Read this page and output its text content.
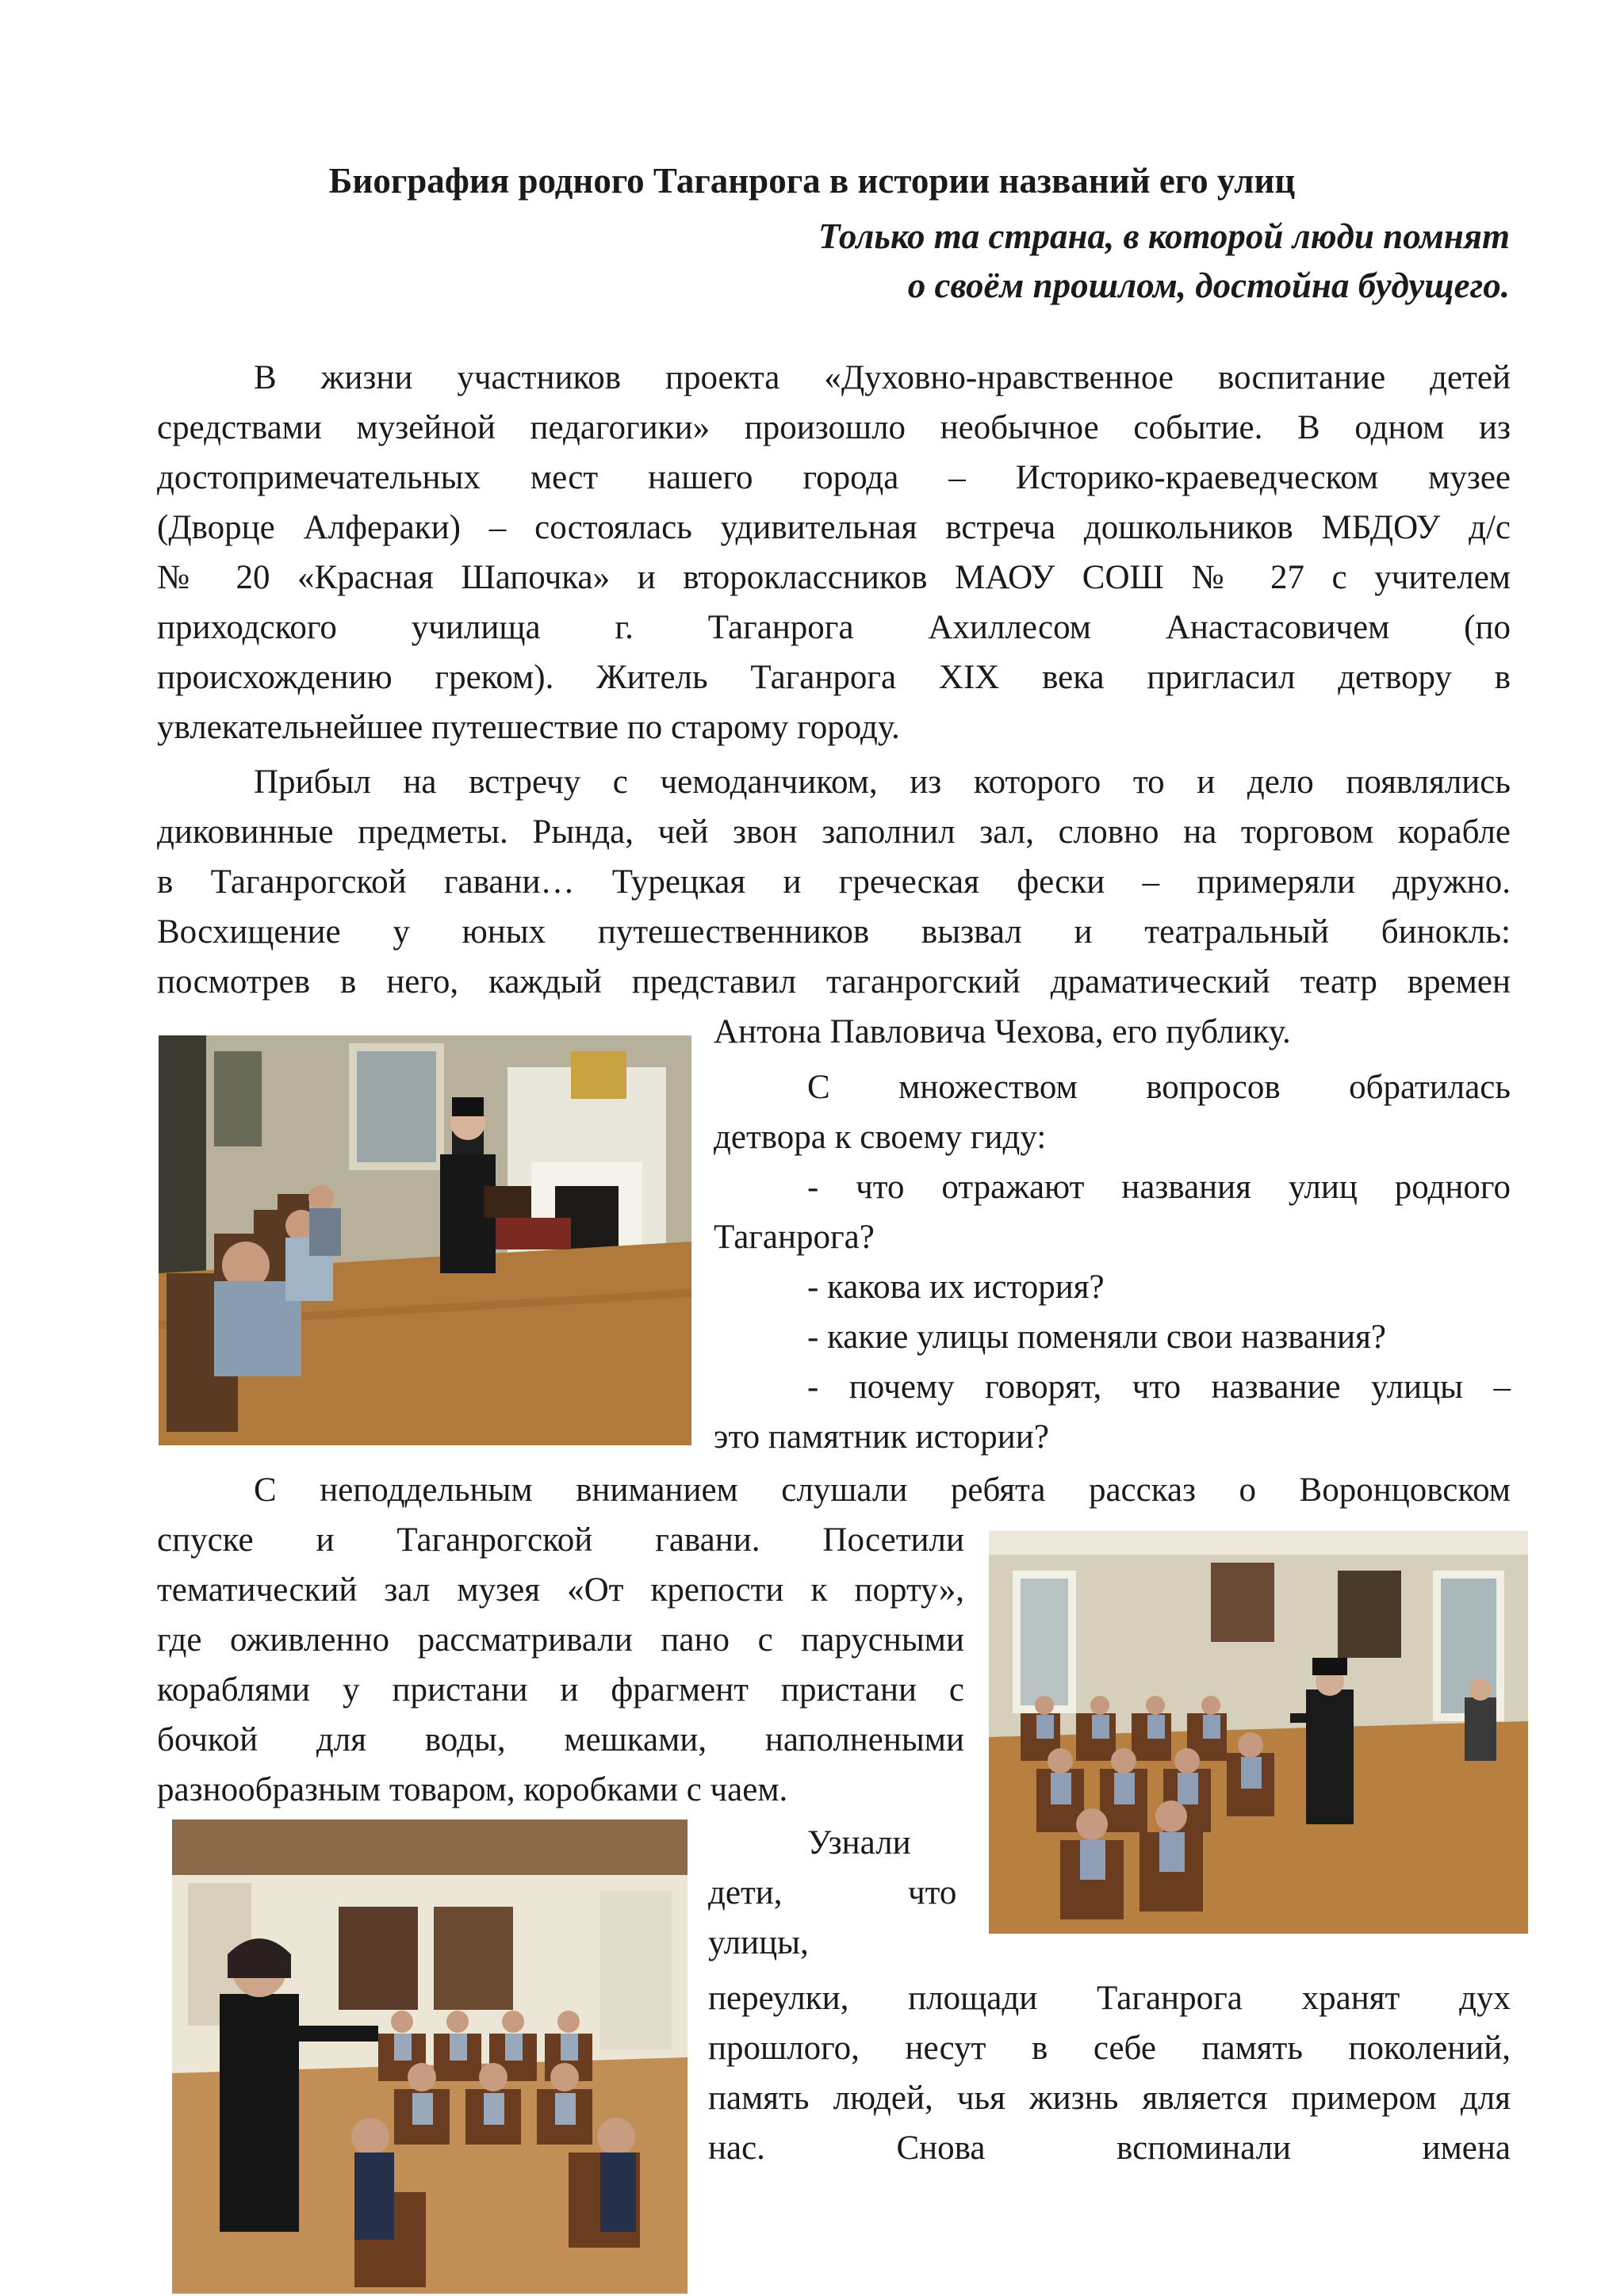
Биография родного Таганрога в истории названий его улиц
Только та страна, в которой люди помнят
о своём прошлом, достойна будущего.
В жизни участников проекта «Духовно-нравственное воспитание детей
средствами музейной педагогики» произошло необычное событие. В одном из
достопримечательных мест нашего города – Историко-краеведческом музее
(Дворце Алфераки) – состоялась удивительная встреча дошкольников МБДОУ д/с
№ 20 «Красная Шапочка» и второклассников МАОУ СОШ № 27 с учителем
приходского училища г. Таганрога Ахиллесом Анастасовичем (по
происхождению греком). Житель Таганрога XIX века пригласил детвору в
увлекательнейшее путешествие по старому городу.
Прибыл на встречу с чемоданчиком, из которого то и дело появлялись
диковинные предметы. Рында, чей звон заполнил зал, словно на торговом корабле
в Таганрогской гавани… Турецкая и греческая фески – примеряли дружно.
Восхищение у юных путешественников вызвал и театральный бинокль:
посмотрев в него, каждый представил таганрогский драматический театр времен
Антона Павловича Чехова, его публику.
С множеством вопросов обратилась
детвора к своему гиду:
- что отражают названия улиц родного
Таганрога?
- какова их история?
- какие улицы поменяли свои названия?
- почему говорят, что название улицы –
это памятник истории?
С неподдельным вниманием слушали ребята рассказ о Воронцовском
спуске и Таганрогской гавани. Посетили
тематический зал музея «От крепости к порту»,
где оживленно рассматривали пано с парусными
кораблями у пристани и фрагмент пристани с
бочкой для воды, мешками, наполнеными
разнообразным товаром, коробками с чаем.
Узнали
дети,	что
улицы,
переулки, площади Таганрога хранят дух
прошлого, несут в себе память поколений,
память людей, чья жизнь является примером для
нас. Снова вспоминали имена
